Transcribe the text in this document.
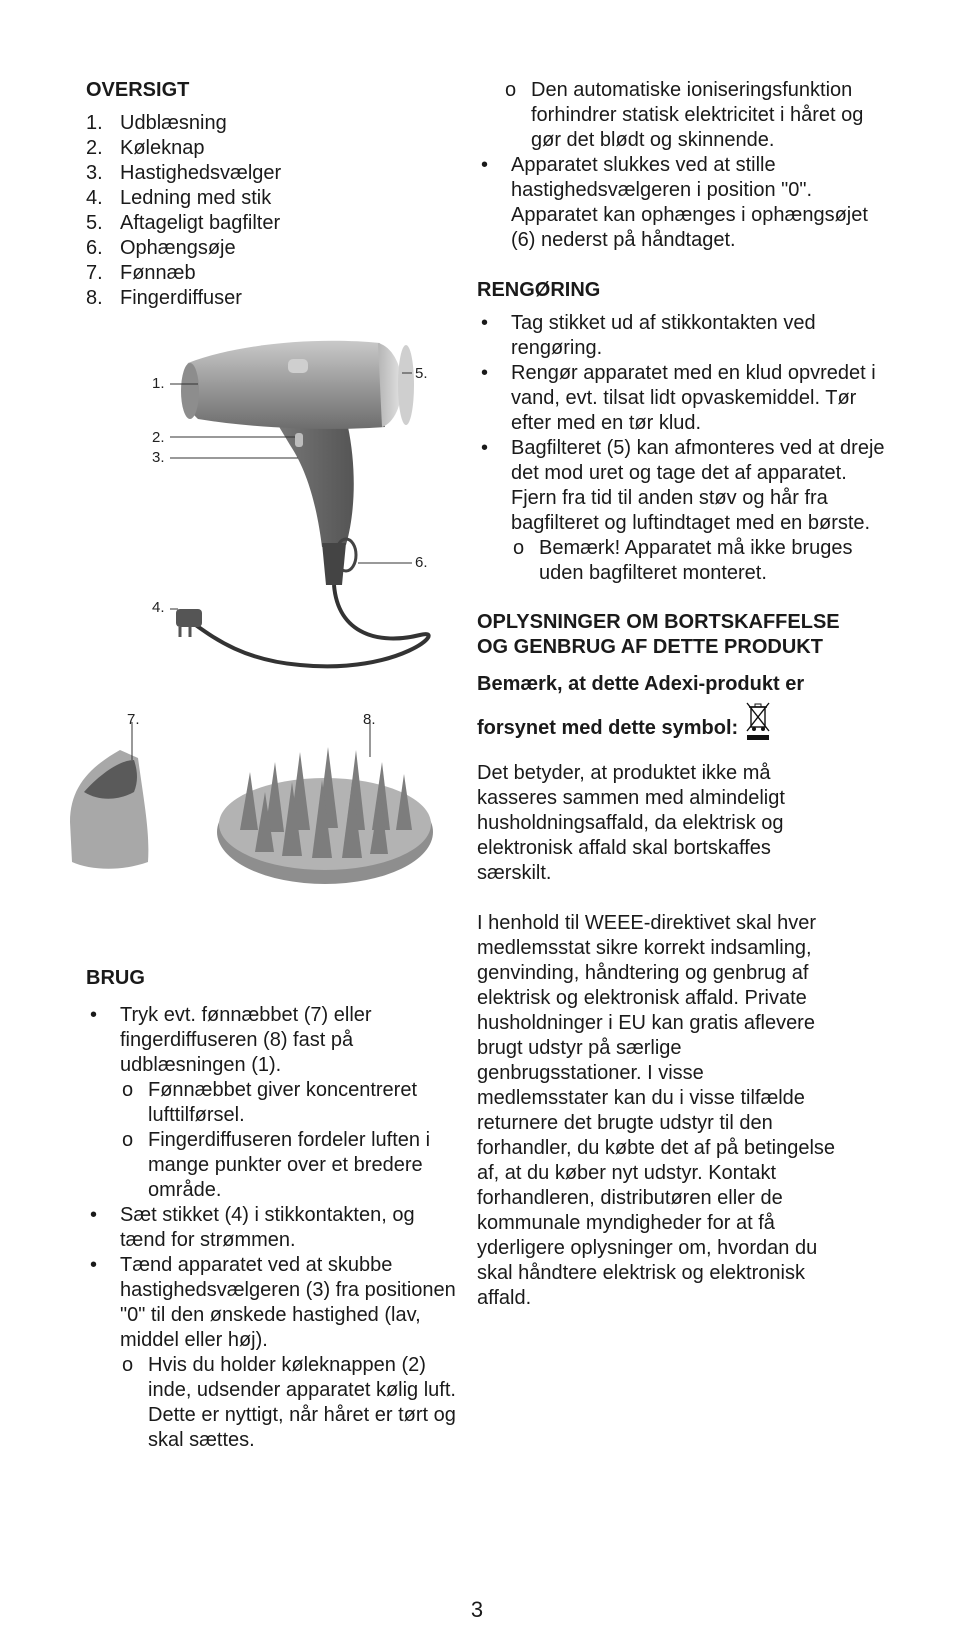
OVERSIGT
1. Udblæsning
2. Køleknap
3. Hastighedsvælger
4. Ledning med stik
5. Aftageligt bagfilter
6. Ophængsøje
7. Fønnæb
8. Fingerdiffuser
1.
2.
3.
4.
5.
6.
7.	8.
BRUG
•	Tryk evt. fønnæbbet (7) eller fingerdiffuseren (8) fast på udblæsningen (1).
o Fønnæbbet giver koncentreret lufttilførsel.
o Fingerdiffuseren fordeler luften i mange punkter over et bredere område.
•	Sæt stikket (4) i stikkontakten, og tænd for strømmen.
•	Tænd apparatet ved at skubbe hastighedsvælgeren (3) fra positionen "0" til den ønskede hastighed (lav, middel eller høj).
o Hvis du holder køleknappen (2) inde, udsender apparatet kølig luft. Dette er nyttigt, når håret er tørt og skal sættes.
o Den automatiske ioniseringsfunktion forhindrer statisk elektricitet i håret og gør det blødt og skinnende.
•	Apparatet slukkes ved at stille hastighedsvælgeren i position "0". Apparatet kan ophænges i ophængsøjet (6) nederst på håndtaget.
RENGØRING
•	Tag stikket ud af stikkontakten ved rengøring.
•	Rengør apparatet med en klud opvredet i vand, evt. tilsat lidt opvaskemiddel. Tør efter med en tør klud.
•	Bagfilteret (5) kan afmonteres ved at dreje det mod uret og tage det af apparatet. Fjern fra tid til anden støv og hår fra bagfilteret og luftindtaget med en børste.
o Bemærk! Apparatet må ikke bruges uden bagfilteret monteret.
OPLYSNINGER OM BORTSKAFFELSE OG GENBRUG AF DETTE PRODUKT

Bemærk, at dette Adexi-produkt er

forsynet med dette symbol:

Det betyder, at produktet ikke må kasseres sammen med almindeligt husholdningsaffald, da elektrisk og elektronisk affald skal bortskaffes særskilt.

I henhold til WEEE-direktivet skal hver medlemsstat sikre korrekt indsamling, genvinding, håndtering og genbrug af elektrisk og elektronisk affald. Private husholdninger i EU kan gratis aflevere brugt udstyr på særlige genbrugsstationer. I visse medlemsstater kan du i visse tilfælde returnere det brugte udstyr til den forhandler, du købte det af på betingelse af, at du køber nyt udstyr. Kontakt forhandleren, distributøren eller de kommunale myndigheder for at få yderligere oplysninger om, hvordan du skal håndtere elektrisk og elektronisk affald.

3
